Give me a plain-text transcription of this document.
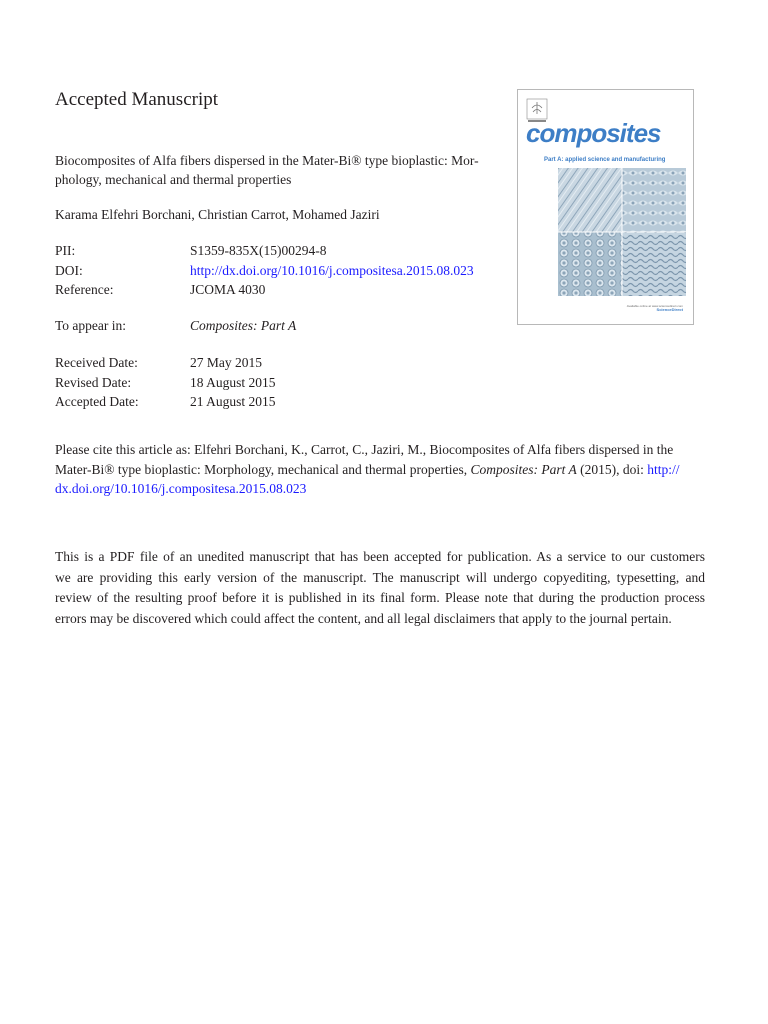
Accepted Manuscript
Biocomposites of Alfa fibers dispersed in the Mater-Bi® type bioplastic: Mor-
phology, mechanical and thermal properties
Karama Elfehri Borchani, Christian Carrot, Mohamed Jaziri
PII:	S1359-835X(15)00294-8
DOI:	http://dx.doi.org/10.1016/j.compositesa.2015.08.023
Reference:	JCOMA 4030
To appear in:	Composites: Part A
Received Date:	27 May 2015
Revised Date:	18 August 2015
Accepted Date:	21 August 2015
Please cite this article as: Elfehri Borchani, K., Carrot, C., Jaziri, M., Biocomposites of Alfa fibers dispersed in the
Mater-Bi® type bioplastic: Morphology, mechanical and thermal properties, Composites: Part A (2015), doi: http://
dx.doi.org/10.1016/j.compositesa.2015.08.023
This is a PDF file of an unedited manuscript that has been accepted for publication. As a service to our customers
we are providing this early version of the manuscript. The manuscript will undergo copyediting, typesetting, and
review of the resulting proof before it is published in its final form. Please note that during the production process
errors may be discovered which could affect the content, and all legal disclaimers that apply to the journal pertain.
composites
Part A: applied science and manufacturing
Available online at www.sciencedirect.com
ScienceDirect
